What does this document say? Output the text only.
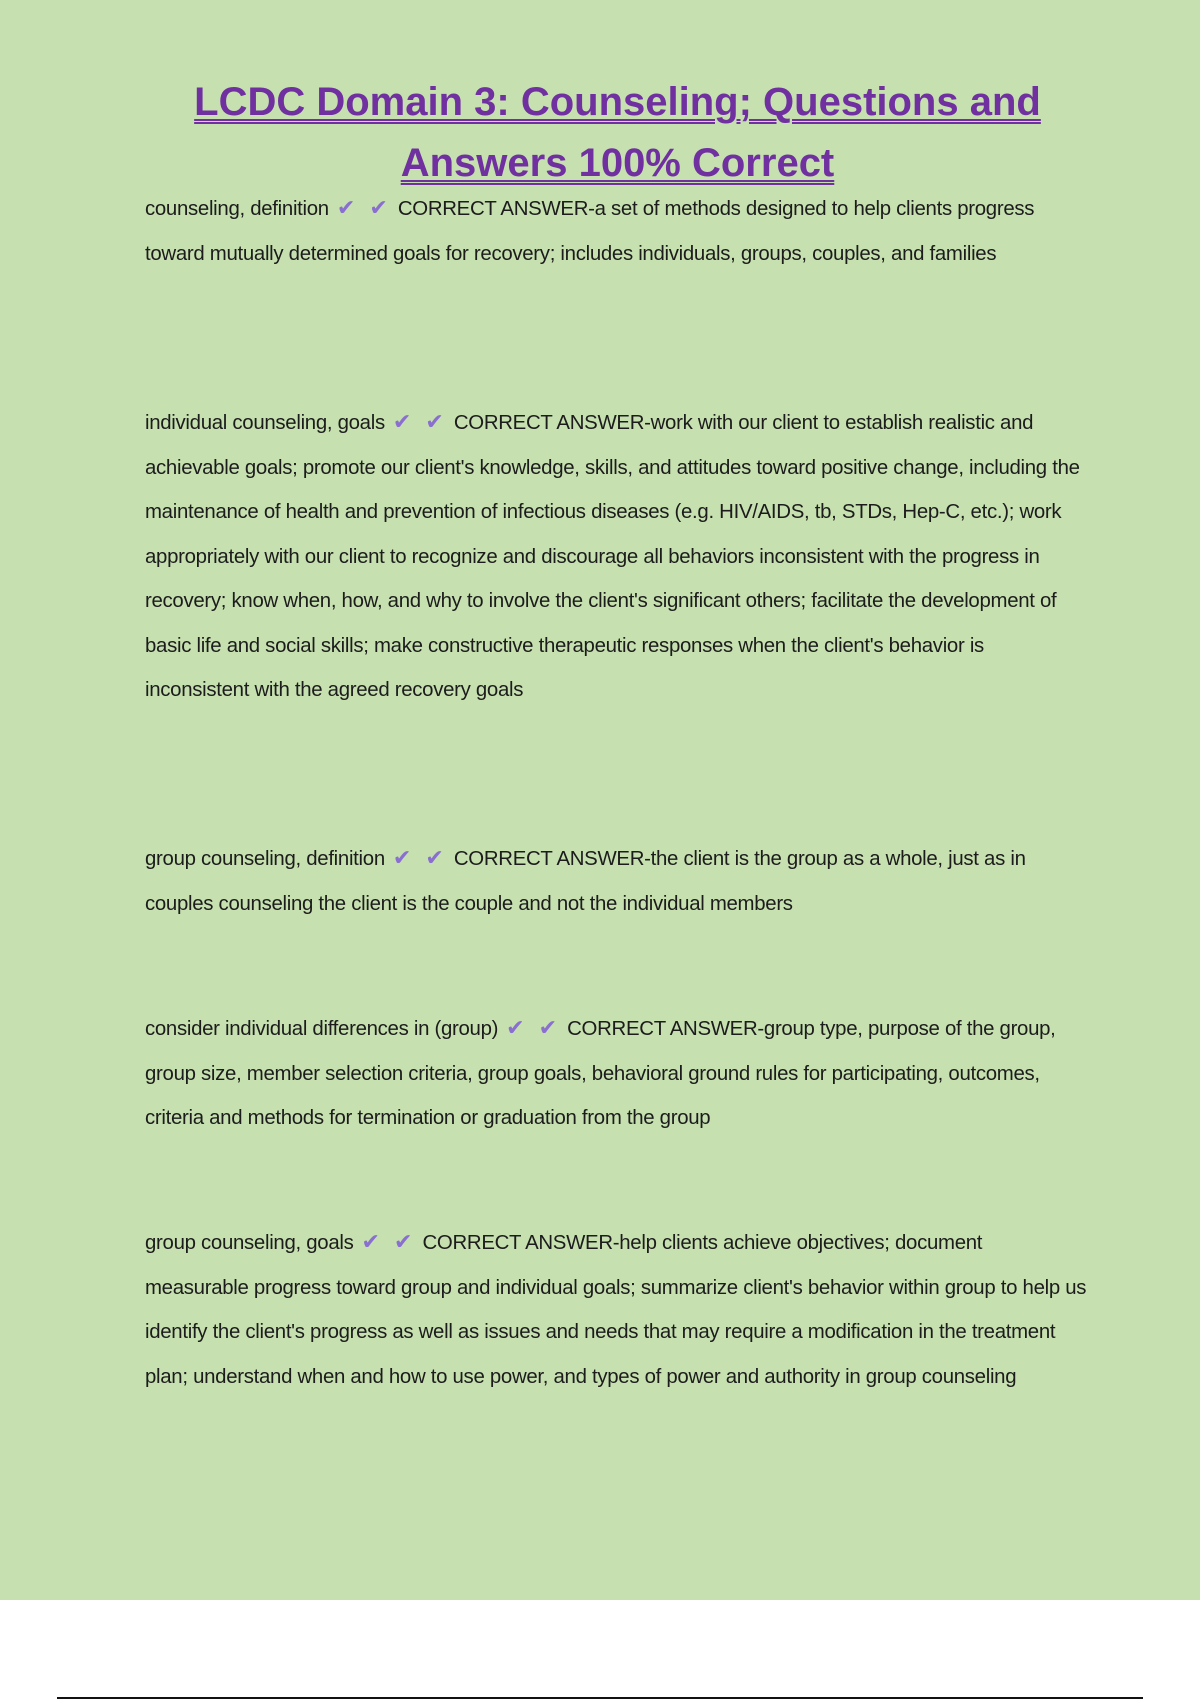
LCDC Domain 3: Counseling; Questions and
Answers 100% Correct

counseling, definition ✔ ✔ CORRECT ANSWER-a set of methods designed to help clients progress toward mutually determined goals for recovery; includes individuals, groups, couples, and families

individual counseling, goals ✔ ✔ CORRECT ANSWER-work with our client to establish realistic and achievable goals; promote our client's knowledge, skills, and attitudes toward positive change, including the maintenance of health and prevention of infectious diseases (e.g. HIV/AIDS, tb, STDs, Hep-C, etc.); work appropriately with our client to recognize and discourage all behaviors inconsistent with the progress in recovery; know when, how, and why to involve the client's significant others; facilitate the development of basic life and social skills; make constructive therapeutic responses when the client's behavior is inconsistent with the agreed recovery goals

group counseling, definition ✔ ✔ CORRECT ANSWER-the client is the group as a whole, just as in couples counseling the client is the couple and not the individual members

consider individual differences in (group) ✔ ✔ CORRECT ANSWER-group type, purpose of the group, group size, member selection criteria, group goals, behavioral ground rules for participating, outcomes, criteria and methods for termination or graduation from the group

group counseling, goals ✔ ✔ CORRECT ANSWER-help clients achieve objectives; document measurable progress toward group and individual goals; summarize client's behavior within group to help us identify the client's progress as well as issues and needs that may require a modification in the treatment plan; understand when and how to use power, and types of power and authority in group counseling
